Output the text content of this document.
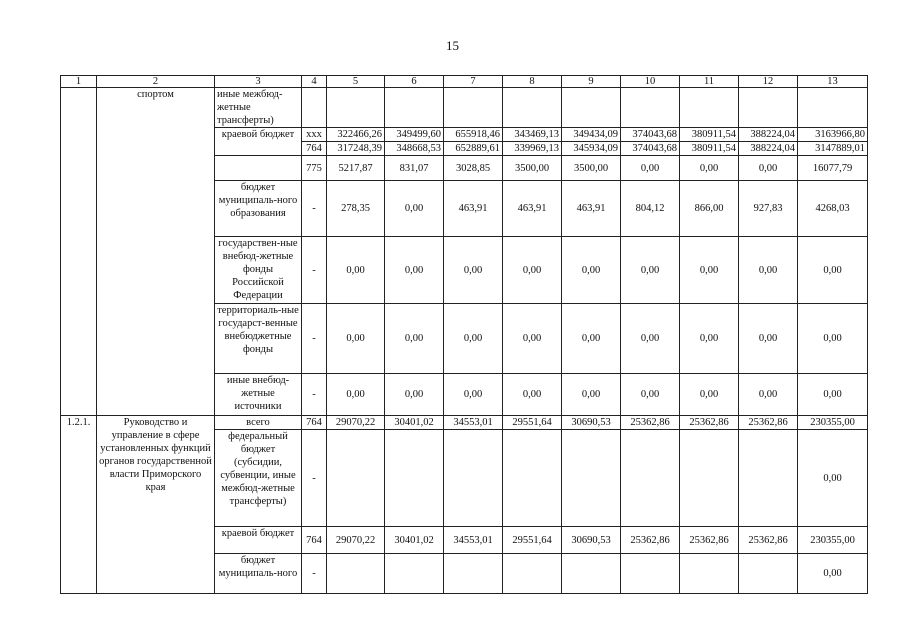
15
1	2	3	4	5	6	7	8	9	10	11	12	13
	спортом	иные межбюд-жетные трансферты)										
		краевой бюджет	xxx	322466,26	349499,60	655918,46	343469,13	349434,09	374043,68	380911,54	388224,04	3163966,80
			764	317248,39	348668,53	652889,61	339969,13	345934,09	374043,68	380911,54	388224,04	3147889,01
			775	5217,87	831,07	3028,85	3500,00	3500,00	0,00	0,00	0,00	16077,79
		бюджет муниципаль-ного образования	-	278,35	0,00	463,91	463,91	463,91	804,12	866,00	927,83	4268,03
		государствен-ные внебюд-жетные фонды Российской Федерации	-	0,00	0,00	0,00	0,00	0,00	0,00	0,00	0,00	0,00
		территориаль-ные государст-венные внебюджетные фонды	-	0,00	0,00	0,00	0,00	0,00	0,00	0,00	0,00	0,00
		иные внебюд-жетные источники	-	0,00	0,00	0,00	0,00	0,00	0,00	0,00	0,00	0,00
1.2.1.	Руководство и управление в сфере установленных функций органов государственной власти Приморского края	всего	764	29070,22	30401,02	34553,01	29551,64	30690,53	25362,86	25362,86	25362,86	230355,00
		федеральный бюджет (субсидии, субвенции, иные межбюд-жетные трансферты)	-									0,00
		краевой бюджет	764	29070,22	30401,02	34553,01	29551,64	30690,53	25362,86	25362,86	25362,86	230355,00
		бюджет муниципаль-ного	-									0,00
